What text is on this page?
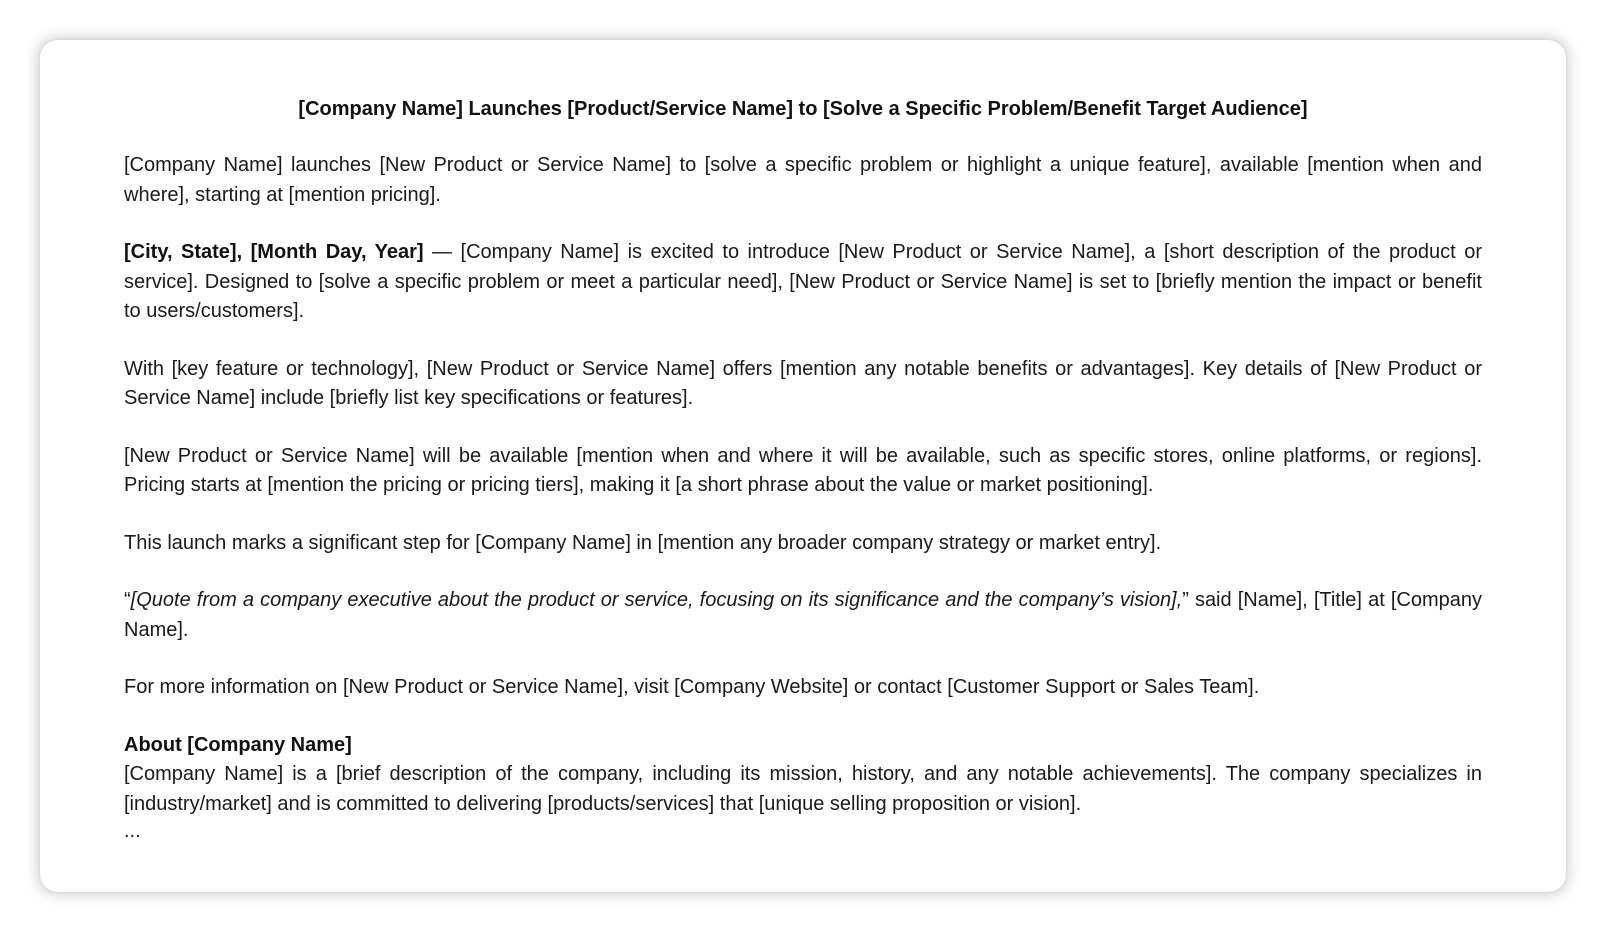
[Company Name] Launches [Product/Service Name] to [Solve a Specific Problem/Benefit Target Audience]
[Company Name] launches [New Product or Service Name] to [solve a specific problem or highlight a unique feature], available [mention when and where], starting at [mention pricing].
[City, State], [Month Day, Year] — [Company Name] is excited to introduce [New Product or Service Name], a [short description of the product or service]. Designed to [solve a specific problem or meet a particular need], [New Product or Service Name] is set to [briefly mention the impact or benefit to users/customers].
With [key feature or technology], [New Product or Service Name] offers [mention any notable benefits or advantages]. Key details of [New Product or Service Name] include [briefly list key specifications or features].
[New Product or Service Name] will be available [mention when and where it will be available, such as specific stores, online platforms, or regions]. Pricing starts at [mention the pricing or pricing tiers], making it [a short phrase about the value or market positioning].
This launch marks a significant step for [Company Name] in [mention any broader company strategy or market entry].
“[Quote from a company executive about the product or service, focusing on its significance and the company’s vision],” said [Name], [Title] at [Company Name].
For more information on [New Product or Service Name], visit [Company Website] or contact [Customer Support or Sales Team].
About [Company Name]
[Company Name] is a [brief description of the company, including its mission, history, and any notable achievements]. The company specializes in [industry/market] and is committed to delivering [products/services] that [unique selling proposition or vision].
...
